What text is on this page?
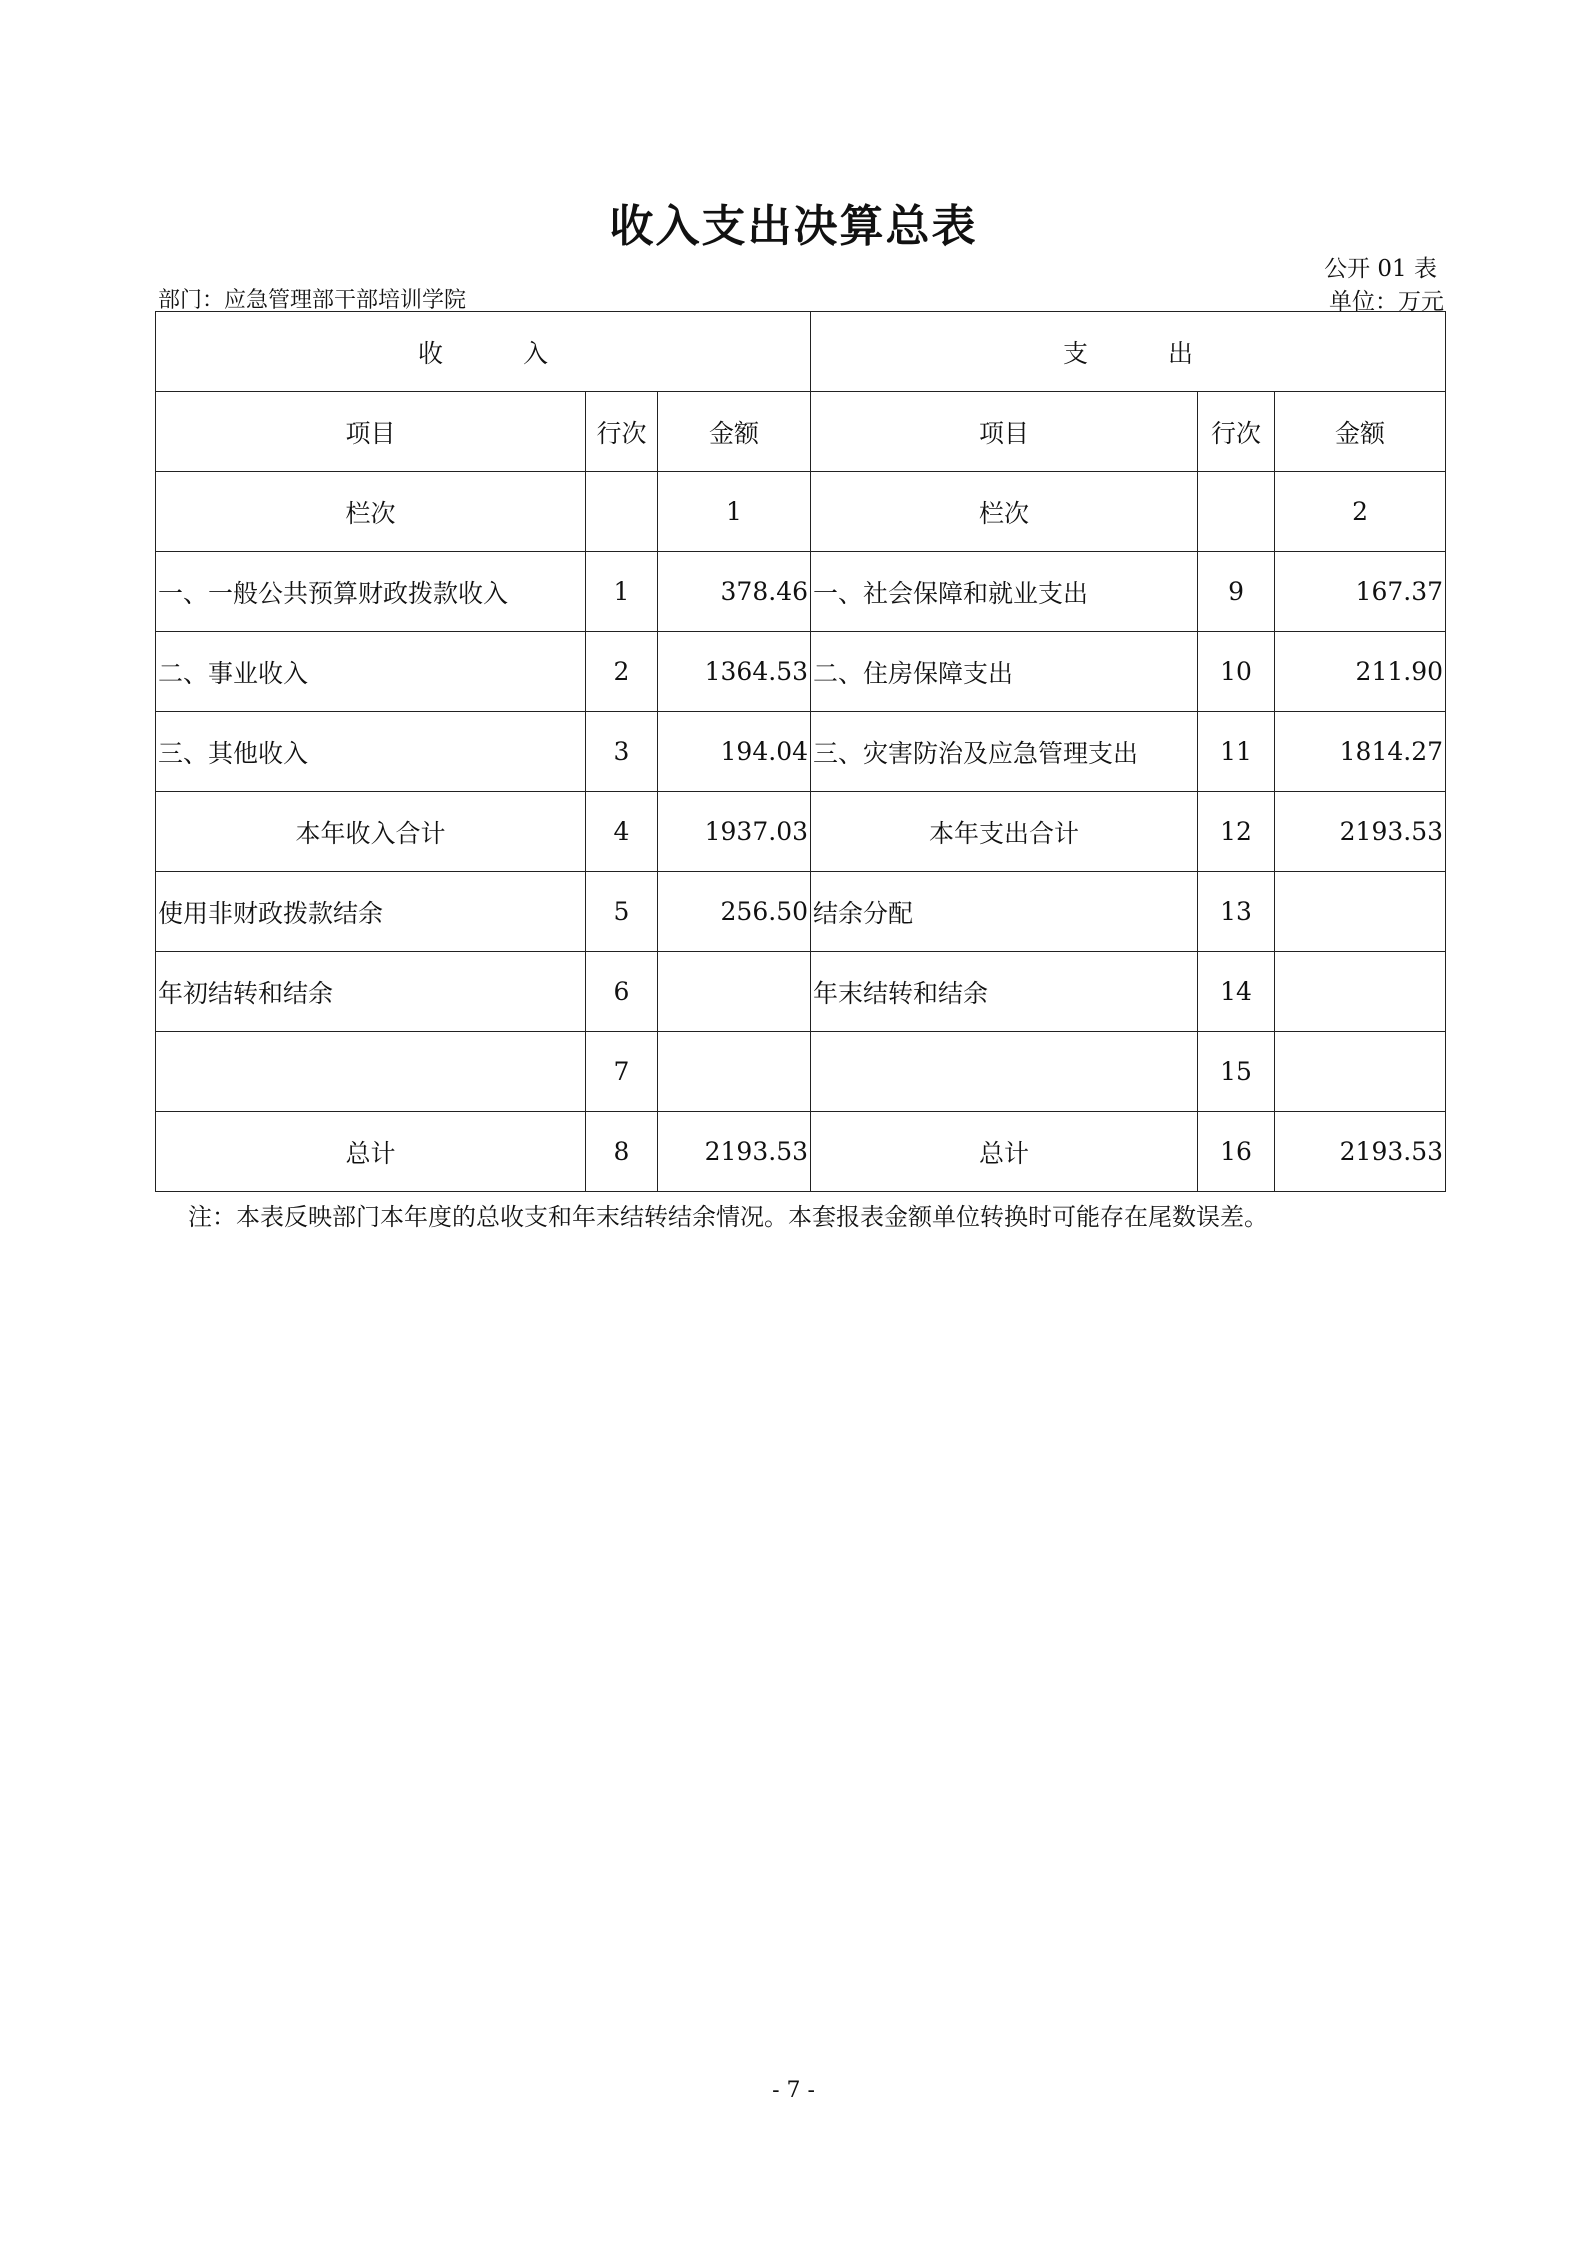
收入支出决算总表
公开 01 表
部门：应急管理部干部培训学院	单位：万元
收 入			支 出		
项目	行次	金额	项目	行次	金额
栏次		1	栏次		2
一、一般公共预算财政拨款收入	1	378.46	一、社会保障和就业支出	9	167.37
二、事业收入	2	1364.53	二、住房保障支出	10	211.90
三、其他收入	3	194.04	三、灾害防治及应急管理支出	11	1814.27
本年收入合计	4	1937.03	本年支出合计	12	2193.53
使用非财政拨款结余	5	256.50	结余分配	13	
年初结转和结余	6		年末结转和结余	14	
	7			15	
总计	8	2193.53	总计	16	2193.53
注：本表反映部门本年度的总收支和年末结转结余情况。本套报表金额单位转换时可能存在尾数误差。
- 7 -
